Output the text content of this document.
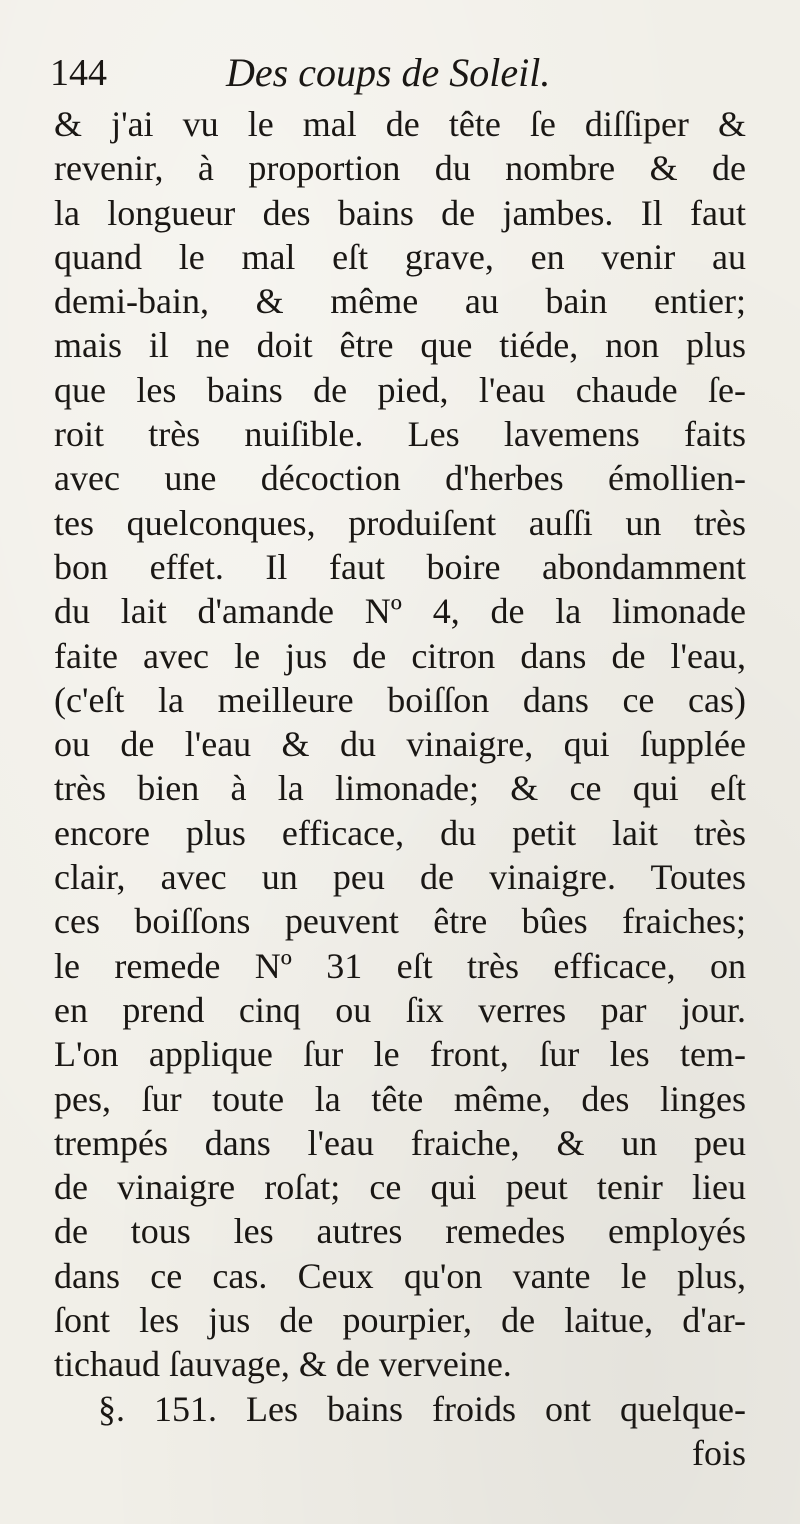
144	Des coups de Soleil.
& j'ai vu le mal de tête ſe diſſiper &
revenir, à proportion du nombre & de
la longueur des bains de jambes. Il faut
quand le mal eſt grave, en venir au
demi-bain, & même au bain entier;
mais il ne doit être que tiéde, non plus
que les bains de pied, l'eau chaude ſe-
roit très nuiſible. Les lavemens faits
avec une décoction d'herbes émollien-
tes quelconques, produiſent auſſi un très
bon effet. Il faut boire abondamment
du lait d'amande Nº 4, de la limonade
faite avec le jus de citron dans de l'eau,
(c'eſt la meilleure boiſſon dans ce cas)
ou de l'eau & du vinaigre, qui ſupplée
très bien à la limonade; & ce qui eſt
encore plus efficace, du petit lait très
clair, avec un peu de vinaigre. Toutes
ces boiſſons peuvent être bûes fraiches;
le remede Nº 31 eſt très efficace, on
en prend cinq ou ſix verres par jour.
L'on applique ſur le front, ſur les tem-
pes, ſur toute la tête même, des linges
trempés dans l'eau fraiche, & un peu
de vinaigre roſat; ce qui peut tenir lieu
de tous les autres remedes employés
dans ce cas. Ceux qu'on vante le plus,
ſont les jus de pourpier, de laitue, d'ar-
tichaud ſauvage, & de verveine.
§. 151. Les bains froids ont quelque-
fois
